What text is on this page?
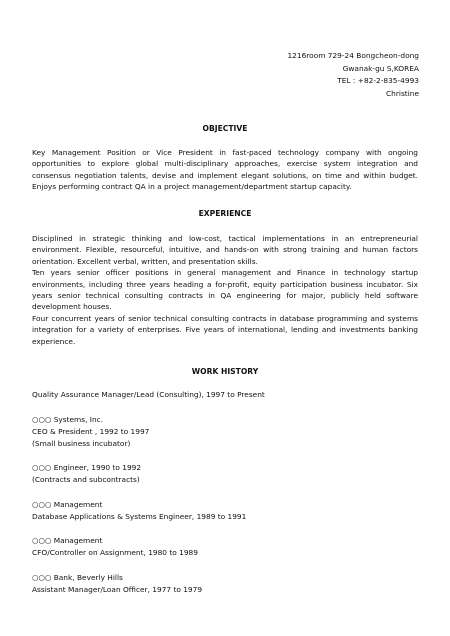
1216room 729-24 Bongcheon-dong
Gwanak-gu S,KOREA
TEL : +82-2-835-4993
Christine
OBJECTIVE

Key Management Position or Vice President in fast-paced technology company with ongoing opportunities to explore global multi-disciplinary approaches, exercise system integration and consensus negotiation talents, devise and implement elegant solutions, on time and within budget. Enjoys performing contract QA in a project management/department startup capacity.

EXPERIENCE

Disciplined in strategic thinking and low-cost, tactical implementations in an entrepreneurial environment. Flexible, resourceful, intuitive, and hands-on with strong training and human factors orientation. Excellent verbal, written, and presentation skills.

Ten years senior officer positions in general management and Finance in technology startup environments, including three years heading a for-profit, equity participation business incubator. Six years senior technical consulting contracts in QA engineering for major, publicly held software development houses.

Four concurrent years of senior technical consulting contracts in database programming and systems integration for a variety of enterprises. Five years of international, lending and investments banking experience.

WORK HISTORY
Quality Assurance Manager/Lead (Consulting), 1997 to Present
○○○ Systems, Inc.
CEO & President , 1992 to 1997
(Small business incubator)
○○○ Engineer, 1990 to 1992
(Contracts and subcontracts)
○○○ Management
Database Applications & Systems Engineer, 1989 to 1991
○○○ Management
CFO/Controller on Assignment, 1980 to 1989
○○○ Bank, Beverly Hills
Assistant Manager/Loan Officer, 1977 to 1979
